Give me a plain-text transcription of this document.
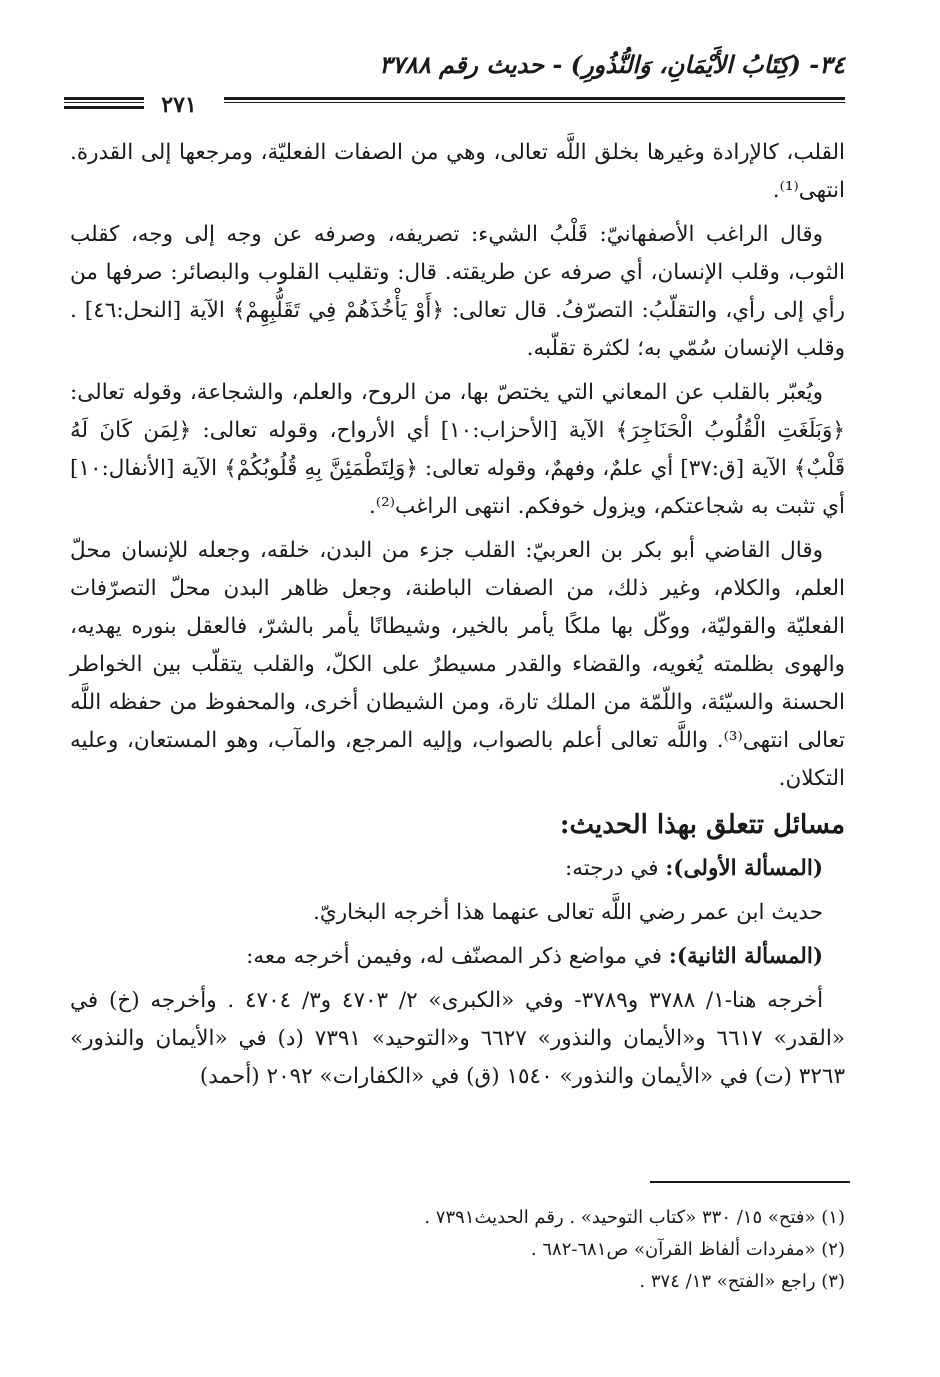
٣٤- (كِتَابُ الأَيْمَانِ، وَالنُّذُورِ) - حديث رقم ٣٧٨٨
٢٧١

القلب، كالإرادة وغيرها بخلق اللَّه تعالى، وهي من الصفات الفعليّة، ومرجعها إلى القدرة. انتهى⁽¹⁾.

وقال الراغب الأصفهانيّ: قَلْبُ الشيء: تصريفه، وصرفه عن وجه إلى وجه، كقلب الثوب، وقلب الإنسان، أي صرفه عن طريقته. قال: وتقليب القلوب والبصائر: صرفها من رأي إلى رأي، والتقلّبُ: التصرّفُ. قال تعالى: ﴿أَوْ يَأْخُذَهُمْ فِي تَقَلُّبِهِمْ﴾ الآية [النحل:٤٦] . وقلب الإنسان سُمّي به؛ لكثرة تقلّبه.

ويُعبّر بالقلب عن المعاني التي يختصّ بها، من الروح، والعلم، والشجاعة، وقوله تعالى: ﴿وَبَلَغَتِ الْقُلُوبُ الْحَنَاجِرَ﴾ الآية [الأحزاب:١٠] أي الأرواح، وقوله تعالى: ﴿لِمَن كَانَ لَهُ قَلْبٌ﴾ الآية [ق:٣٧] أي علمٌ، وفهمٌ، وقوله تعالى: ﴿وَلِتَطْمَئِنَّ بِهِ قُلُوبُكُمْ﴾ الآية [الأنفال:١٠] أي تثبت به شجاعتكم، ويزول خوفكم. انتهى الراغب⁽²⁾.

وقال القاضي أبو بكر بن العربيّ: القلب جزء من البدن، خلقه، وجعله للإنسان محلّ العلم، والكلام، وغير ذلك، من الصفات الباطنة، وجعل ظاهر البدن محلّ التصرّفات الفعليّة والقوليّة، ووكّل بها ملكًا يأمر بالخير، وشيطانًا يأمر بالشرّ، فالعقل بنوره يهديه، والهوى بظلمته يُغويه، والقضاء والقدر مسيطرٌ على الكلّ، والقلب يتقلّب بين الخواطر الحسنة والسيّئة، واللّمّة من الملك تارة، ومن الشيطان أخرى، والمحفوظ من حفظه اللَّه تعالى انتهى⁽³⁾. واللَّه تعالى أعلم بالصواب، وإليه المرجع، والمآب، وهو المستعان، وعليه التكلان.

مسائل تتعلق بهذا الحديث:

(المسألة الأولى): في درجته:

حديث ابن عمر رضي اللَّه تعالى عنهما هذا أخرجه البخاريّ.

(المسألة الثانية): في مواضع ذكر المصنّف له، وفيمن أخرجه معه:

أخرجه هنا-١/ ٣٧٨٨ و٣٧٨٩- وفي «الكبرى» ٢/ ٤٧٠٣ و٣/ ٤٧٠٤ . وأخرجه (خ) في «القدر» ٦٦١٧ و«الأيمان والنذور» ٦٦٢٧ و«التوحيد» ٧٣٩١ (د) في «الأيمان والنذور» ٣٢٦٣ (ت) في «الأيمان والنذور» ١٥٤٠ (ق) في «الكفارات» ٢٠٩٢ (أحمد)

(١) «فتح» ١٥/ ٣٣٠ «كتاب التوحيد» . رقم الحديث٧٣٩١ .
(٢) «مفردات ألفاظ القرآن» ص٦٨١-٦٨٢ .
(٣) راجع «الفتح» ١٣/ ٣٧٤ .
